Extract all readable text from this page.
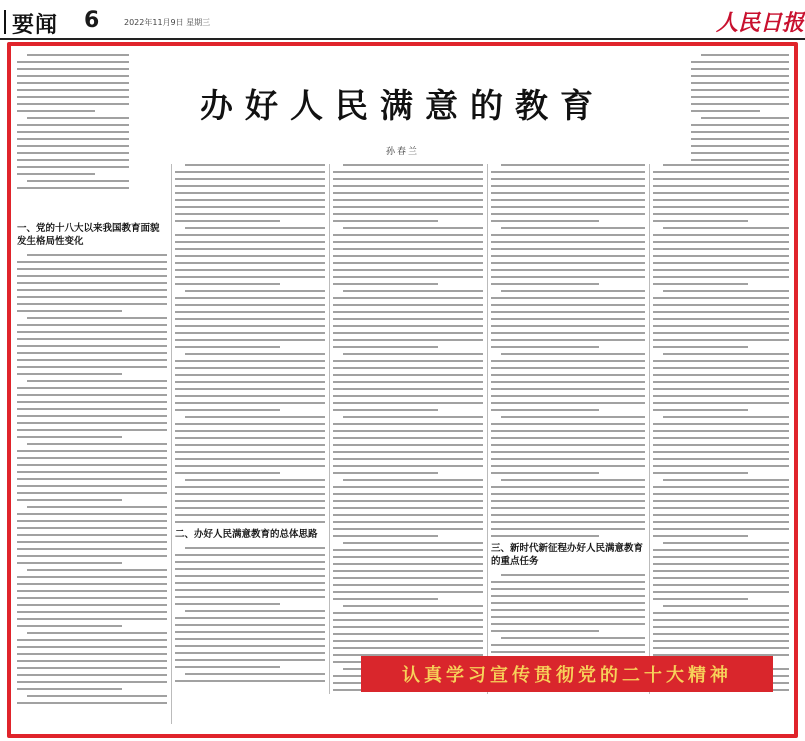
要闻 6	2022年11月9日 星期三	人民日报
办好人民满意的教育
孙春兰
一、党的十八大以来我国教育面貌发生格局性变化
二、办好人民满意教育的总体思路
三、新时代新征程办好人民满意教育的重点任务
认真学习宣传贯彻党的二十大精神
